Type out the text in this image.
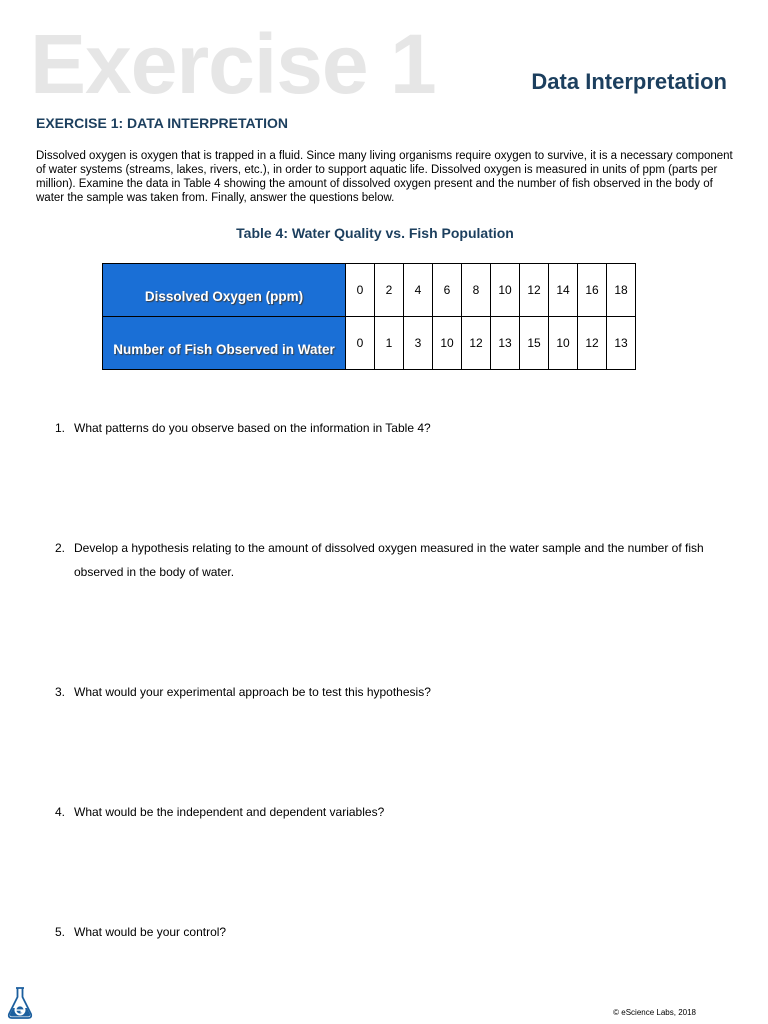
Exercise 1	Data Interpretation
EXERCISE 1: DATA INTERPRETATION
Dissolved oxygen is oxygen that is trapped in a fluid. Since many living organisms require oxygen to survive, it is a necessary component of water systems (streams, lakes, rivers, etc.), in order to support aquatic life. Dissolved oxygen is measured in units of ppm (parts per million). Examine the data in Table 4 showing the amount of dissolved oxygen present and the number of fish observed in the body of water the sample was taken from. Finally, answer the questions below.
Table 4: Water Quality vs. Fish Population
Dissolved Oxygen (ppm)	0	2	4	6	8	10	12	14	16	18

Number of Fish Observed in Water	0	1	3	10	12	13	15	10	12	13
1. What patterns do you observe based on the information in Table 4?
2. Develop a hypothesis relating to the amount of dissolved oxygen measured in the water sample and the number of fish observed in the body of water.
3. What would your experimental approach be to test this hypothesis?
4. What would be the independent and dependent variables?
5. What would be your control?
© eScience Labs, 2018
